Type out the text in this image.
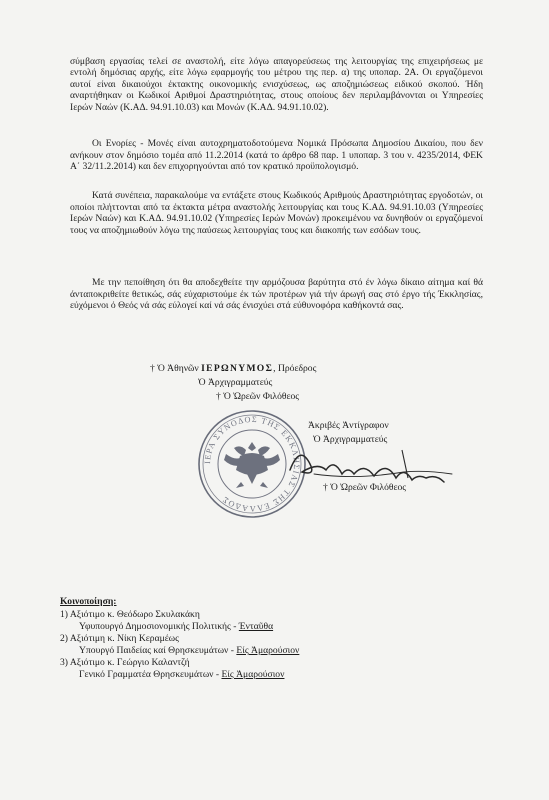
σύμβαση εργασίας τελεί σε αναστολή, είτε λόγω απαγορεύσεως της λειτουργίας της επιχειρήσεως με εντολή δημόσιας αρχής, είτε λόγω εφαρμογής του μέτρου της περ. α) της υποπαρ. 2Α. Οι εργαζόμενοι αυτοί είναι δικαιούχοι έκτακτης οικονομικής ενισχύσεως, ως αποζημιώσεως ειδικού σκοπού. Ήδη αναρτήθηκαν οι Κωδικοί Αριθμοί Δραστηριότητας, στους οποίους δεν περιλαμβάνονται οι Υπηρεσίες Ιερών Ναών (Κ.ΑΔ. 94.91.10.03) και Μονών (Κ.ΑΔ. 94.91.10.02).

Οι Ενορίες - Μονές είναι αυτοχρηματοδοτούμενα Νομικά Πρόσωπα Δημοσίου Δικαίου, που δεν ανήκουν στον δημόσιο τομέα από 11.2.2014 (κατά το άρθρο 68 παρ. 1 υποπαρ. 3 του ν. 4235/2014, ΦΕΚ Α΄ 32/11.2.2014) και δεν επιχορηγούνται από τον κρατικό προϋπολογισμό.

Κατά συνέπεια, παρακαλούμε να εντάξετε στους Κωδικούς Αριθμούς Δραστηριότητας εργοδοτών, οι οποίοι πλήττονται από τα έκτακτα μέτρα αναστολής λειτουργίας και τους Κ.ΑΔ. 94.91.10.03 (Υπηρεσίες Ιερών Ναών) και Κ.ΑΔ. 94.91.10.02 (Υπηρεσίες Ιερών Μονών) προκειμένου να δυνηθούν οι εργαζόμενοί τους να αποζημιωθούν λόγω της παύσεως λειτουργίας τους και διακοπής των εσόδων τους.

Με την πεποίθηση ότι θα αποδεχθείτε την αρμόζουσα βαρύτητα στό έν λόγω δίκαιο αίτημα καί θά άνταποκριθείτε θετικώς, σάς εύχαριστούμε έκ τών προτέρων γιά τήν άρωγή σας στό έργο τής Έκκλησίας, εύχόμενοι ό Θεός νά σάς εύλογεί καί νά σάς ένισχύει στά εύθυνοφόρα καθήκοντά σας.

† Ὁ Ἀθηνῶν ΙΕΡΩΝΥΜΟΣ, Πρόεδρος
Ὁ Ἀρχιγραμματεύς
† Ὁ Ὠρεῶν Φιλόθεος
ΙΕΡΑ ΣΥΝΟΔΟΣ ΤΗΣ ΕΚΚΛΗΣΙΑΣ ΤΗΣ ΕΛΛΑΔΟΣ
Ἀκριβές Ἀντίγραφον
Ὁ Ἀρχιγραμματεύς
† Ὁ Ὠρεῶν Φιλόθεος
Κοινοποίηση:
1) Αξιότιμο κ. Θεόδωρο Σκυλακάκη
Υφυπουργό Δημοσιονομικής Πολιτικής - Ένταῦθα
2) Αξιότιμη κ. Νίκη Κεραμέως
Υπουργό Παιδείας καί Θρησκευμάτων - Είς Ἀμαρούσιον
3) Αξιότιμο κ. Γεώργιο Καλαντζή
Γενικό Γραμματέα Θρησκευμάτων - Είς Ἀμαρούσιον
